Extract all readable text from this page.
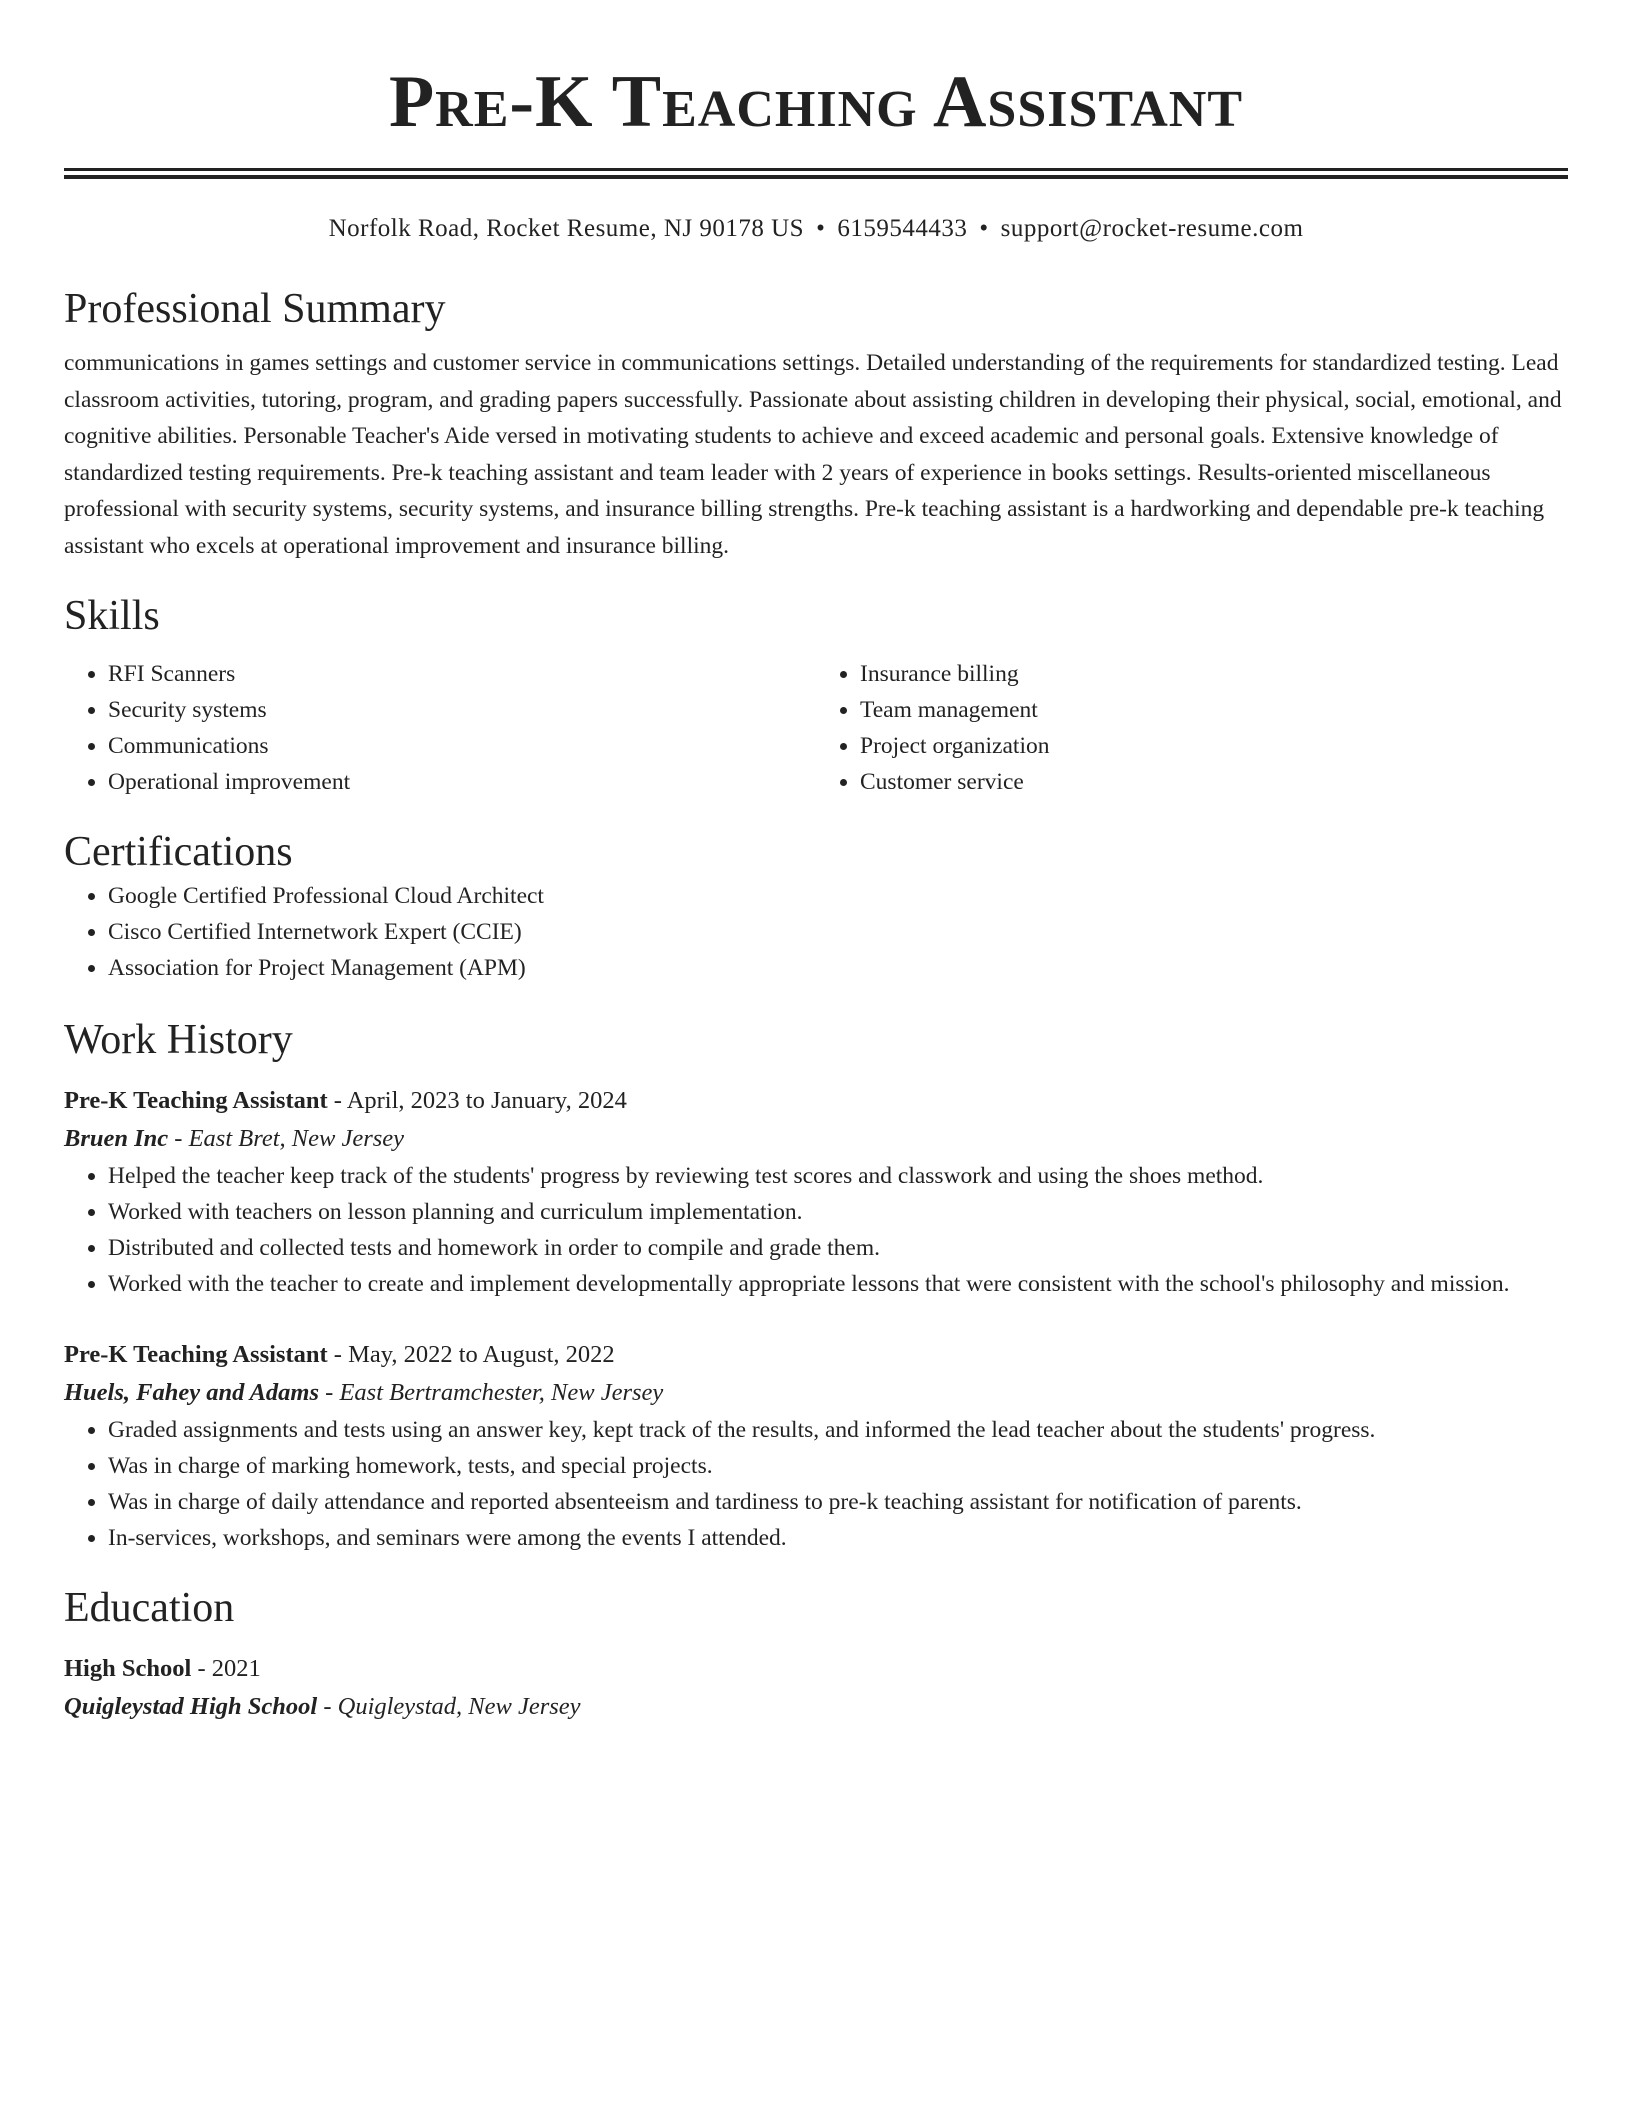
Pre-K Teaching Assistant
Norfolk Road, Rocket Resume, NJ 90178 US • 6159544433 • support@rocket-resume.com
Professional Summary
communications in games settings and customer service in communications settings. Detailed understanding of the requirements for standardized testing. Lead classroom activities, tutoring, program, and grading papers successfully. Passionate about assisting children in developing their physical, social, emotional, and cognitive abilities. Personable Teacher's Aide versed in motivating students to achieve and exceed academic and personal goals. Extensive knowledge of standardized testing requirements. Pre-k teaching assistant and team leader with 2 years of experience in books settings. Results-oriented miscellaneous professional with security systems, security systems, and insurance billing strengths. Pre-k teaching assistant is a hardworking and dependable pre-k teaching assistant who excels at operational improvement and insurance billing.
Skills
• RFI Scanners
• Security systems
• Communications
• Operational improvement
• Insurance billing
• Team management
• Project organization
• Customer service
Certifications
• Google Certified Professional Cloud Architect
• Cisco Certified Internetwork Expert (CCIE)
• Association for Project Management (APM)
Work History
Pre-K Teaching Assistant - April, 2023 to January, 2024
Bruen Inc - East Bret, New Jersey
• Helped the teacher keep track of the students' progress by reviewing test scores and classwork and using the shoes method.
• Worked with teachers on lesson planning and curriculum implementation.
• Distributed and collected tests and homework in order to compile and grade them.
• Worked with the teacher to create and implement developmentally appropriate lessons that were consistent with the school's philosophy and mission.
Pre-K Teaching Assistant - May, 2022 to August, 2022
Huels, Fahey and Adams - East Bertramchester, New Jersey
• Graded assignments and tests using an answer key, kept track of the results, and informed the lead teacher about the students' progress.
• Was in charge of marking homework, tests, and special projects.
• Was in charge of daily attendance and reported absenteeism and tardiness to pre-k teaching assistant for notification of parents.
• In-services, workshops, and seminars were among the events I attended.
Education
High School - 2021
Quigleystad High School - Quigleystad, New Jersey
